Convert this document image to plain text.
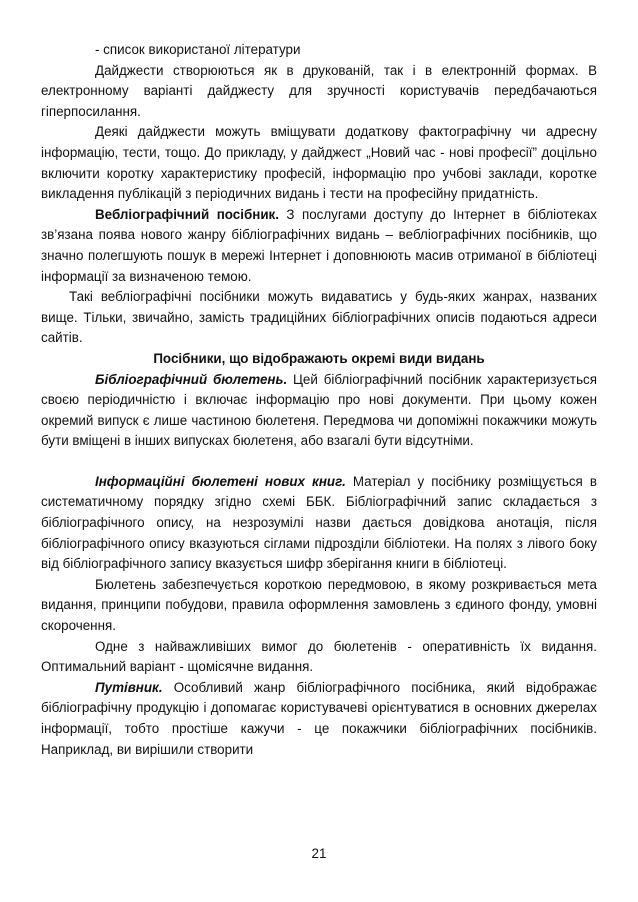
- список використаної літератури

Дайджести створюються як в друкованій, так і в електронній формах. В електронному варіанті дайджесту для зручності користувачів передбачаються гіперпосилання.

Деякі дайджести можуть вміщувати додаткову фактографічну чи адресну інформацію, тести, тощо. До прикладу, у дайджест „Новий час - нові професії” доцільно включити коротку характеристику професій, інформацію про учбові заклади, коротке викладення публікацій з періодичних видань і тести на професійну придатність.

Вебліографічний посібник. З послугами доступу до Інтернет в бібліотеках зв’язана поява нового жанру бібліографічних видань – вебліографічних посібників, що значно полегшують пошук в мережі Інтернет і доповнюють масив отриманої в бібліотеці інформації за визначеною темою.

Такі вебліографічні посібники можуть видаватись у будь-яких жанрах, названих вище. Тільки, звичайно, замість традиційних бібліографічних описів подаються адреси сайтів.

Посібники, що відображають окремі види видань

Бібліографічний бюлетень. Цей бібліографічний посібник характеризується своєю періодичністю і включає інформацію про нові документи. При цьому кожен окремий випуск є лише частиною бюлетеня. Передмова чи допоміжні покажчики можуть бути вміщені в інших випусках бюлетеня, або взагалі бути відсутніми.

Інформаційні бюлетені нових книг. Матеріал у посібнику розміщується в систематичному порядку згідно схемі ББК. Бібліографічний запис складається з бібліографічного опису, на незрозумілі назви дається довідкова анотація, після бібліографічного опису вказуються сіглами підрозділи бібліотеки. На полях з лівого боку від бібліографічного запису вказується шифр зберігання книги в бібліотеці.

Бюлетень забезпечується короткою передмовою, в якому розкривається мета видання, принципи побудови, правила оформлення замовлень з єдиного фонду, умовні скорочення.

Одне з найважливіших вимог до бюлетенів - оперативність їх видання. Оптимальний варіант - щомісячне видання.

Путівник. Особливий жанр бібліографічного посібника, який відображає бібліографічну продукцію і допомагає користувачеві орієнтуватися в основних джерелах інформації, тобто простіше кажучи - це покажчики бібліографічних посібників. Наприклад, ви вирішили створити

21
